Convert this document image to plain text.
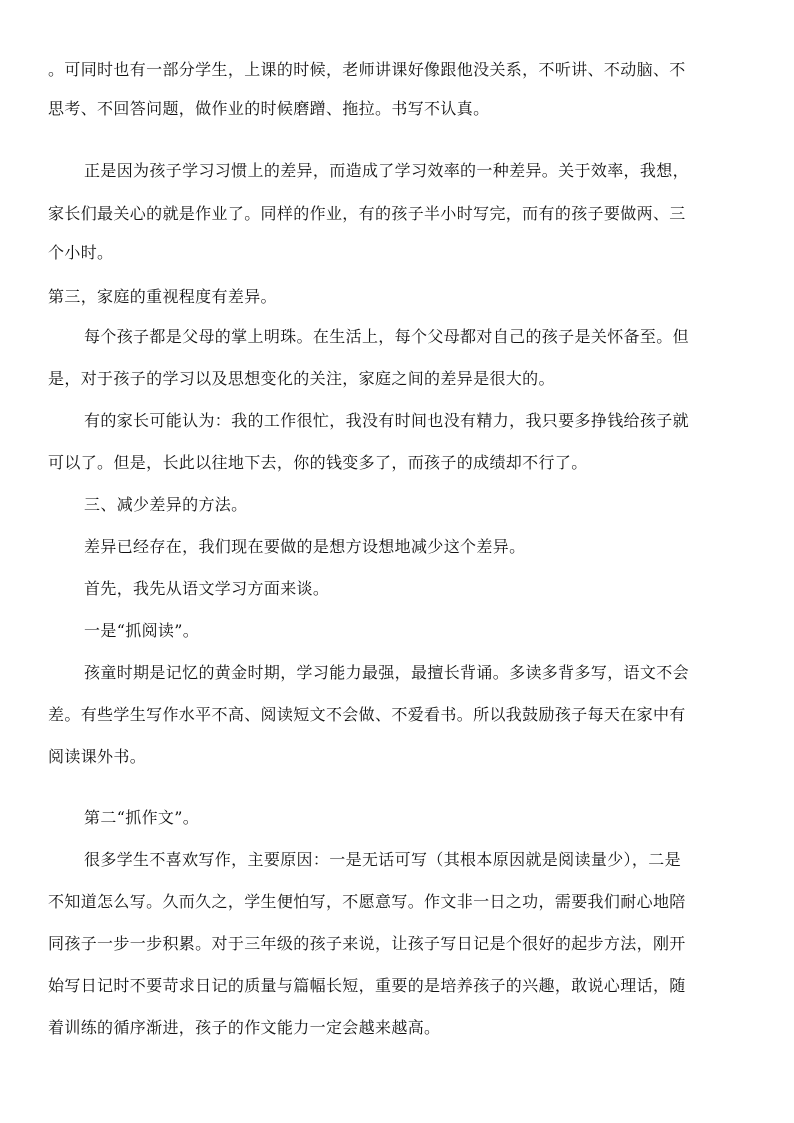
。可同时也有一部分学生，上课的时候，老师讲课好像跟他没关系，不听讲、不动脑、不
思考、不回答问题，做作业的时候磨蹭、拖拉。书写不认真。
正是因为孩子学习习惯上的差异，而造成了学习效率的一种差异。关于效率，我想，
家长们最关心的就是作业了。同样的作业，有的孩子半小时写完，而有的孩子要做两、三
个小时。
第三，家庭的重视程度有差异。
每个孩子都是父母的掌上明珠。在生活上，每个父母都对自己的孩子是关怀备至。但
是，对于孩子的学习以及思想变化的关注，家庭之间的差异是很大的。
有的家长可能认为：我的工作很忙，我没有时间也没有精力，我只要多挣钱给孩子就
可以了。但是，长此以往地下去，你的钱变多了，而孩子的成绩却不行了。
三、减少差异的方法。
差异已经存在，我们现在要做的是想方设想地减少这个差异。
首先，我先从语文学习方面来谈。
一是“抓阅读”。
孩童时期是记忆的黄金时期，学习能力最强，最擅长背诵。多读多背多写，语文不会
差。有些学生写作水平不高、阅读短文不会做、不爱看书。所以我鼓励孩子每天在家中有
阅读课外书。
第二“抓作文”。
很多学生不喜欢写作，主要原因：一是无话可写（其根本原因就是阅读量少），二是
不知道怎么写。久而久之，学生便怕写，不愿意写。作文非一日之功，需要我们耐心地陪
同孩子一步一步积累。对于三年级的孩子来说，让孩子写日记是个很好的起步方法，刚开
始写日记时不要苛求日记的质量与篇幅长短，重要的是培养孩子的兴趣，敢说心理话，随
着训练的循序渐进，孩子的作文能力一定会越来越高。
